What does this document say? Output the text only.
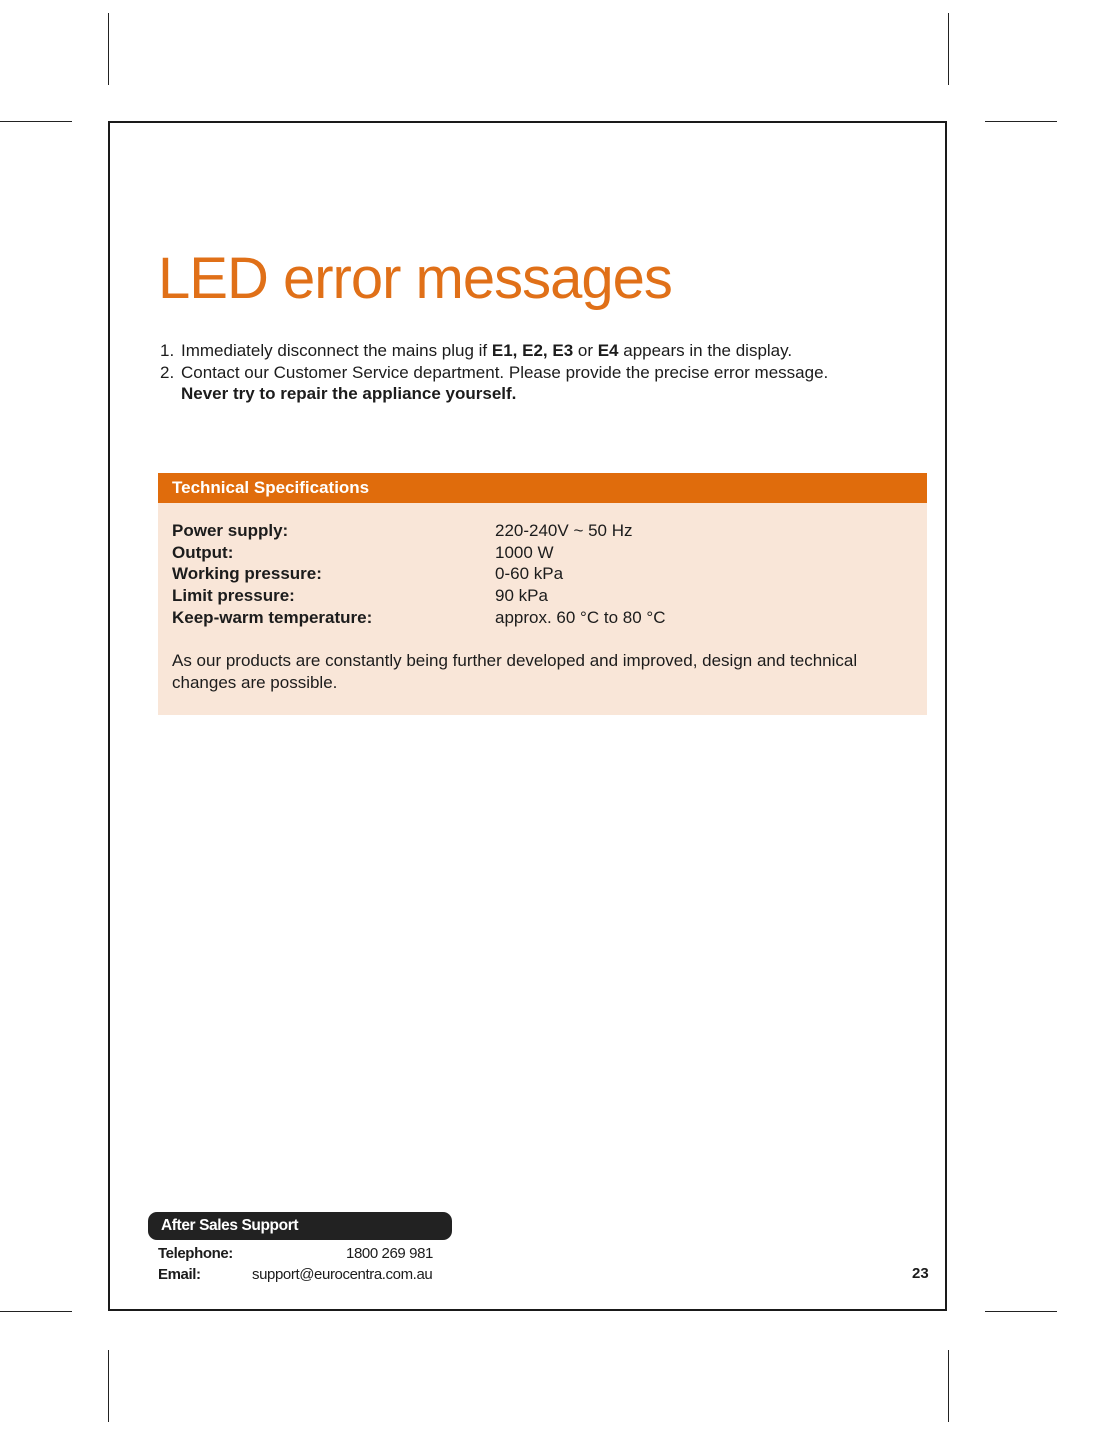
LED error messages
1. Immediately disconnect the mains plug if E1, E2, E3 or E4 appears in the display.
2. Contact our Customer Service department. Please provide the precise error message.
Never try to repair the appliance yourself.
Technical Specifications
Power supply:	220-240V ~ 50 Hz
Output:	1000 W
Working pressure:	0-60 kPa
Limit pressure:	90 kPa
Keep-warm temperature:	approx. 60 °C to 80 °C

As our products are constantly being further developed and improved, design and technical changes are possible.

After Sales Support
Telephone:	1800 269 981
Email:	support@eurocentra.com.au	23
